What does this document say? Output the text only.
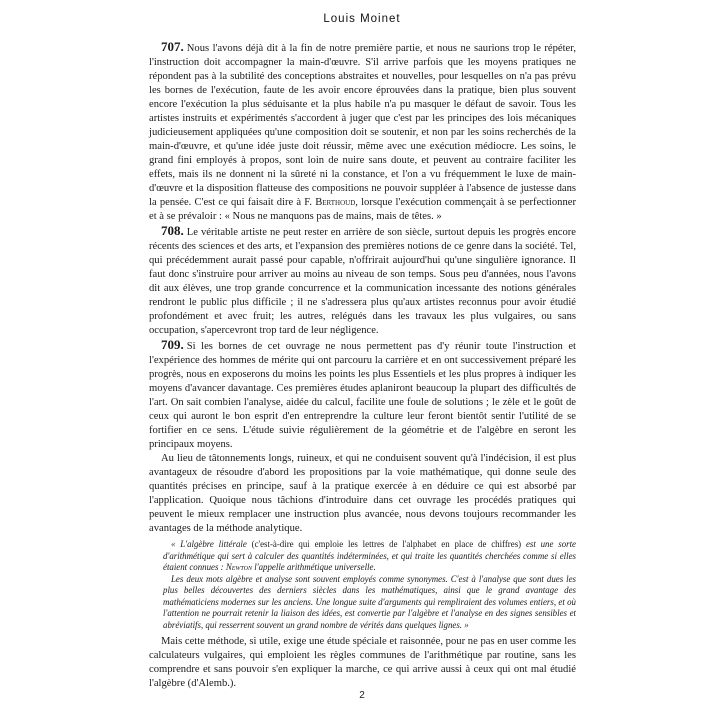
Louis Moinet

707. Nous l'avons déjà dit à la fin de notre première partie, et nous ne saurions trop le répéter, l'instruction doit accompagner la main-d'œuvre. S'il arrive parfois que les moyens pratiques ne répondent pas à la subtilité des conceptions abstraites et nouvelles, pour lesquelles on n'a pas prévu les bornes de l'exécution, faute de les avoir encore éprouvées dans la pratique, bien plus souvent encore l'exécution la plus séduisante et la plus habile n'a pu masquer le défaut de savoir. Tous les artistes instruits et expérimentés s'accordent à juger que c'est par les principes des lois mécaniques judicieusement appliquées qu'une composition doit se soutenir, et non par les soins recherchés de la main-d'œuvre, et qu'une idée juste doit réussir, même avec une exécution médiocre. Les soins, le grand fini employés à propos, sont loin de nuire sans doute, et peuvent au contraire faciliter les effets, mais ils ne donnent ni la sûreté ni la constance, et l'on a vu fréquemment le luxe de main-d'œuvre et la disposition flatteuse des compositions ne pouvoir suppléer à l'absence de justesse dans la pensée. C'est ce qui faisait dire à F. Berthoud, lorsque l'exécution commençait à se perfectionner et à se prévaloir : « Nous ne manquons pas de mains, mais de têtes. »

708. Le véritable artiste ne peut rester en arrière de son siècle, surtout depuis les progrès encore récents des sciences et des arts, et l'expansion des premières notions de ce genre dans la société. Tel, qui précédemment aurait passé pour capable, n'offrirait aujourd'hui qu'une singulière ignorance. Il faut donc s'instruire pour arriver au moins au niveau de son temps. Sous peu d'années, nous l'avons dit aux élèves, une trop grande concurrence et la communication incessante des notions générales rendront le public plus difficile ; il ne s'adressera plus qu'aux artistes reconnus pour avoir étudié profondément et avec fruit; les autres, relégués dans les travaux les plus vulgaires, ou sans occupation, s'apercevront trop tard de leur négligence.

709. Si les bornes de cet ouvrage ne nous permettent pas d'y réunir toute l'instruction et l'expérience des hommes de mérite qui ont parcouru la carrière et en ont successivement préparé les progrès, nous en exposerons du moins les points les plus Essentiels et les plus propres à indiquer les moyens d'avancer davantage. Ces premières études aplaniront beaucoup la plupart des difficultés de l'art. On sait combien l'analyse, aidée du calcul, facilite une foule de solutions ; le zèle et le goût de ceux qui auront le bon esprit d'en entreprendre la culture leur feront bientôt sentir l'utilité de se fortifier en ce sens. L'étude suivie régulièrement de la géométrie et de l'algèbre en seront les principaux moyens.

Au lieu de tâtonnements longs, ruineux, et qui ne conduisent souvent qu'à l'indécision, il est plus avantageux de résoudre d'abord les propositions par la voie mathématique, qui donne seule des quantités précises en principe, sauf à la pratique exercée à en déduire ce qui est absorbé par l'application. Quoique nous tâchions d'introduire dans cet ouvrage les procédés pratiques qui peuvent le mieux remplacer une instruction plus avancée, nous devons toujours recommander les avantages de la méthode analytique.

« L'algèbre littérale (c'est-à-dire qui emploie les lettres de l'alphabet en place de chiffres) est une sorte d'arithmétique qui sert à calculer des quantités indéterminées, et qui traite les quantités cherchées comme si elles étaient connues : Newton l'appelle arithmétique universelle.

Les deux mots algèbre et analyse sont souvent employés comme synonymes. C'est à l'analyse que sont dues les plus belles découvertes des derniers siècles dans les mathématiques, ainsi que le grand avantage des mathématiciens modernes sur les anciens. Une longue suite d'arguments qui rempliraient des volumes entiers, et où l'attention ne pourrait retenir la liaison des idées, est convertie par l'algèbre et l'analyse en des signes sensibles et abréviatifs, qui resserrent souvent un grand nombre de vérités dans quelques lignes. »

Mais cette méthode, si utile, exige une étude spéciale et raisonnée, pour ne pas en user comme les calculateurs vulgaires, qui emploient les règles communes de l'arithmétique par routine, sans les comprendre et sans pouvoir s'en expliquer la marche, ce qui arrive aussi à ceux qui ont mal étudié l'algèbre (d'Alemb.).

2
